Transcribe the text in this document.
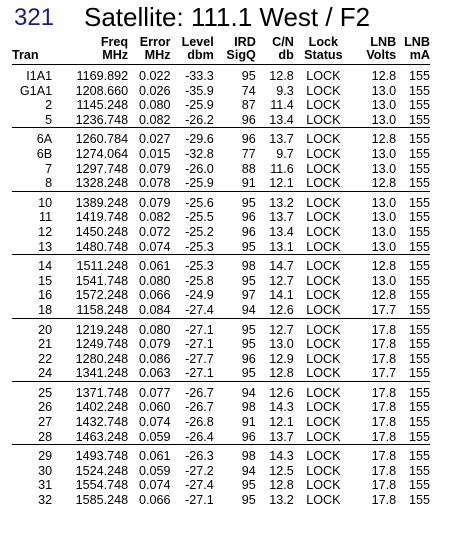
321 Satellite: 111.1 West / F2
	Freq	Error	Level	IRD	C/N	Lock	LNB	LNB
Tran	MHz	MHz	dbm	SigQ	db	Status	Volts	mA
I1A1	1169.892	0.022	-33.3	95	12.8	LOCK	12.8	155
G1A1	1208.660	0.026	-35.9	74	9.3	LOCK	13.0	155
2	1145.248	0.080	-25.9	87	11.4	LOCK	13.0	155
5	1236.748	0.082	-26.2	96	13.4	LOCK	13.0	155
6A	1260.784	0.027	-29.6	96	13.7	LOCK	12.8	155
6B	1274.064	0.015	-32.8	77	9.7	LOCK	13.0	155
7	1297.748	0.079	-26.0	88	11.6	LOCK	13.0	155
8	1328.248	0.078	-25.9	91	12.1	LOCK	12.8	155
10	1389.248	0.079	-25.6	95	13.2	LOCK	13.0	155
11	1419.748	0.082	-25.5	96	13.7	LOCK	13.0	155
12	1450.248	0.072	-25.2	96	13.4	LOCK	13.0	155
13	1480.748	0.074	-25.3	95	13.1	LOCK	13.0	155
14	1511.248	0.061	-25.3	98	14.7	LOCK	12.8	155
15	1541.748	0.080	-25.8	95	12.7	LOCK	13.0	155
16	1572.248	0.066	-24.9	97	14.1	LOCK	12.8	155
18	1158.248	0.084	-27.4	94	12.6	LOCK	17.7	155
20	1219.248	0.080	-27.1	95	12.7	LOCK	17.8	155
21	1249.748	0.079	-27.1	95	13.0	LOCK	17.8	155
22	1280.248	0.086	-27.7	96	12.9	LOCK	17.8	155
24	1341.248	0.063	-27.1	95	12.8	LOCK	17.7	155
25	1371.748	0.077	-26.7	94	12.6	LOCK	17.8	155
26	1402.248	0.060	-26.7	98	14.3	LOCK	17.8	155
27	1432.748	0.074	-26.8	91	12.1	LOCK	17.8	155
28	1463.248	0.059	-26.4	96	13.7	LOCK	17.8	155
29	1493.748	0.061	-26.3	98	14.3	LOCK	17.8	155
30	1524.248	0.059	-27.2	94	12.5	LOCK	17.8	155
31	1554.748	0.074	-27.4	95	12.8	LOCK	17.8	155
32	1585.248	0.066	-27.1	95	13.2	LOCK	17.8	155
